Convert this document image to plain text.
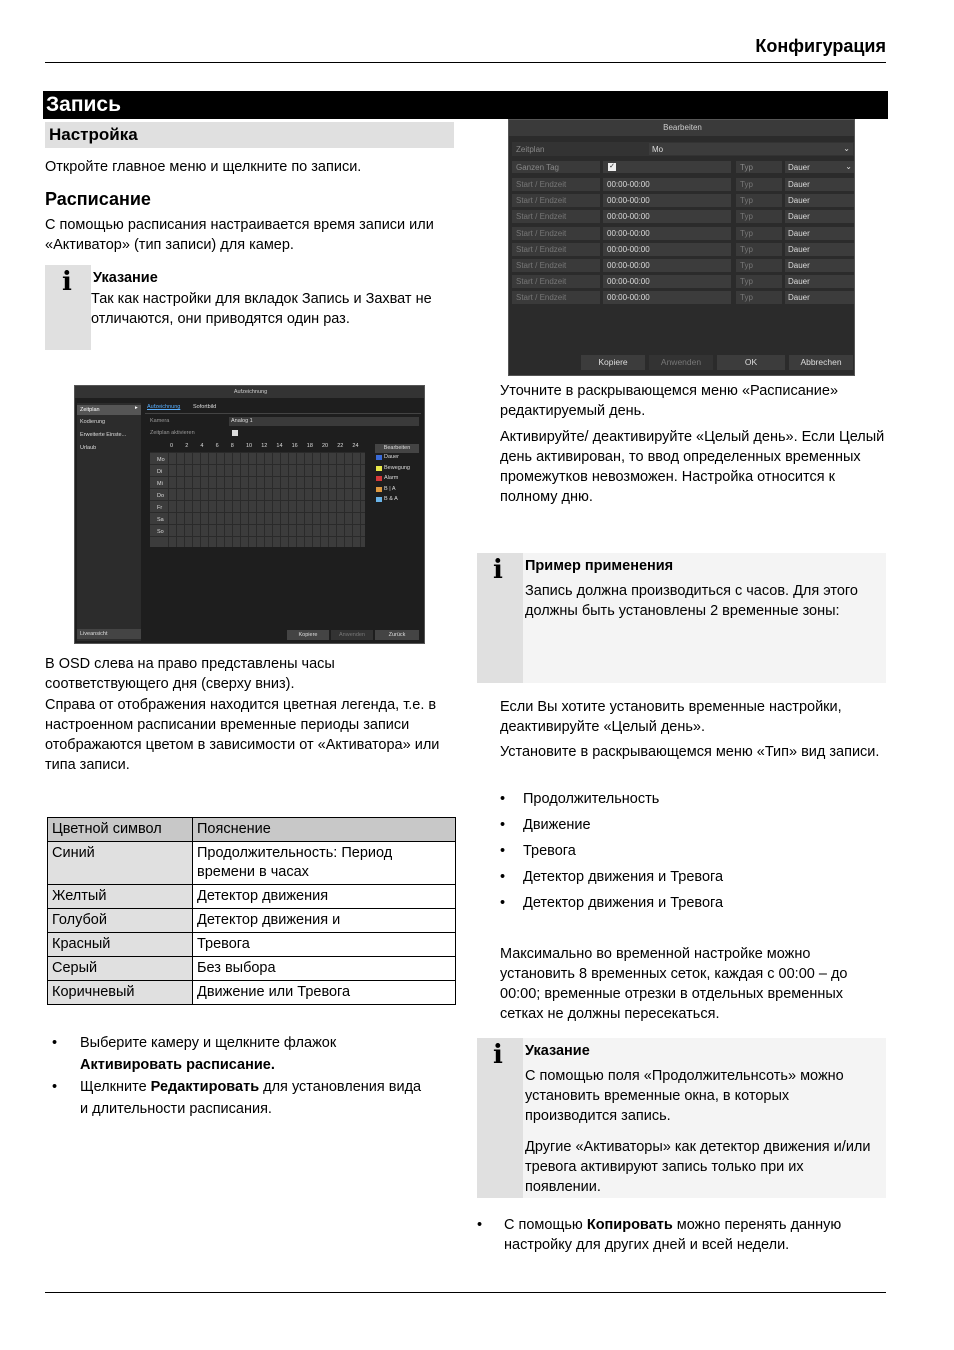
Конфигурация
Запись
Настройка
Откройте главное меню и щелкните по записи.
Расписание
С помощью расписания настраивается время записи или «Активатор» (тип записи) для камер.
i Указание
Так как настройки для вкладок Запись и Захват не отличаются, они приводятся один раз.
Aufzeichnung
Zeitplan	▸
Kodierung
Erweiterte Einste...
Urlaub
Liveansicht
Aufzeichnung Sofortbild
Kamera	Analog 1
Zeitplan aktivieren
0 2 4 6 8 10 12 14 16 18 20 22 24
Mo
Di
Mi
Do
Fr
Sa
So
Bearbeiten
Dauer
Bewegung
Alarm
B | A
B & A
Kopiere	Anwenden	Zurück
В OSD слева на право представлены часы соответствующего дня (сверху вниз).
Справа от отображения находится цветная легенда, т.е. в настроенном расписании временные периоды записи отображаются цветом в зависимости от «Активатора» или типа записи.
Цветной символ	Пояснение
Синий	Продолжительность: Период времени в часах
Желтый	Детектор движения
Голубой	Детектор движения и
Красный	Тревога
Серый	Без выбора
Коричневый	Движение или Тревога
• Выберите камеру и щелкните флажок Активировать расписание.
• Щелкните Редактировать для установления вида и длительности расписания.
Bearbeiten
Zeitplan	Mo	⌄
Ganzen Tag	✓	Typ	Dauer	⌄
Start / Endzeit	00:00-00:00	Typ	Dauer
Start / Endzeit	00:00-00:00	Typ	Dauer
Start / Endzeit	00:00-00:00	Typ	Dauer
Start / Endzeit	00:00-00:00	Typ	Dauer
Start / Endzeit	00:00-00:00	Typ	Dauer
Start / Endzeit	00:00-00:00	Typ	Dauer
Start / Endzeit	00:00-00:00	Typ	Dauer
Start / Endzeit	00:00-00:00	Typ	Dauer
Kopiere	Anwenden	OK	Abbrechen
Уточните в раскрывающемся меню «Расписание» редактируемый день.
Активируйте/ деактивируйте «Целый день». Если Целый день активирован, то ввод определенных временных промежутков невозможен. Настройка относится к полному дню.
i Пример применения
Запись должна производиться с часов. Для этого должны быть установлены 2 временные зоны:
Если Вы хотите установить временные настройки, деактивируйте «Целый день».
Установите в раскрывающемся меню «Тип» вид записи.
• Продолжительность
• Движение
• Тревога
• Детектор движения и Тревога
• Детектор движения и Тревога
Максимально во временной настройке можно установить 8 временных сеток, каждая с 00:00 – до 00:00; временные отрезки в отдельных временных сетках не должны пересекаться.
i Указание
С помощью поля «Продолжительнсоть» можно установить временные окна, в которых производится запись.
Другие «Активаторы» как детектор движения и/или тревога активируют запись только при их появлении.
• С помощью Копировать можно перенять данную настройку для других дней и всей недели.
